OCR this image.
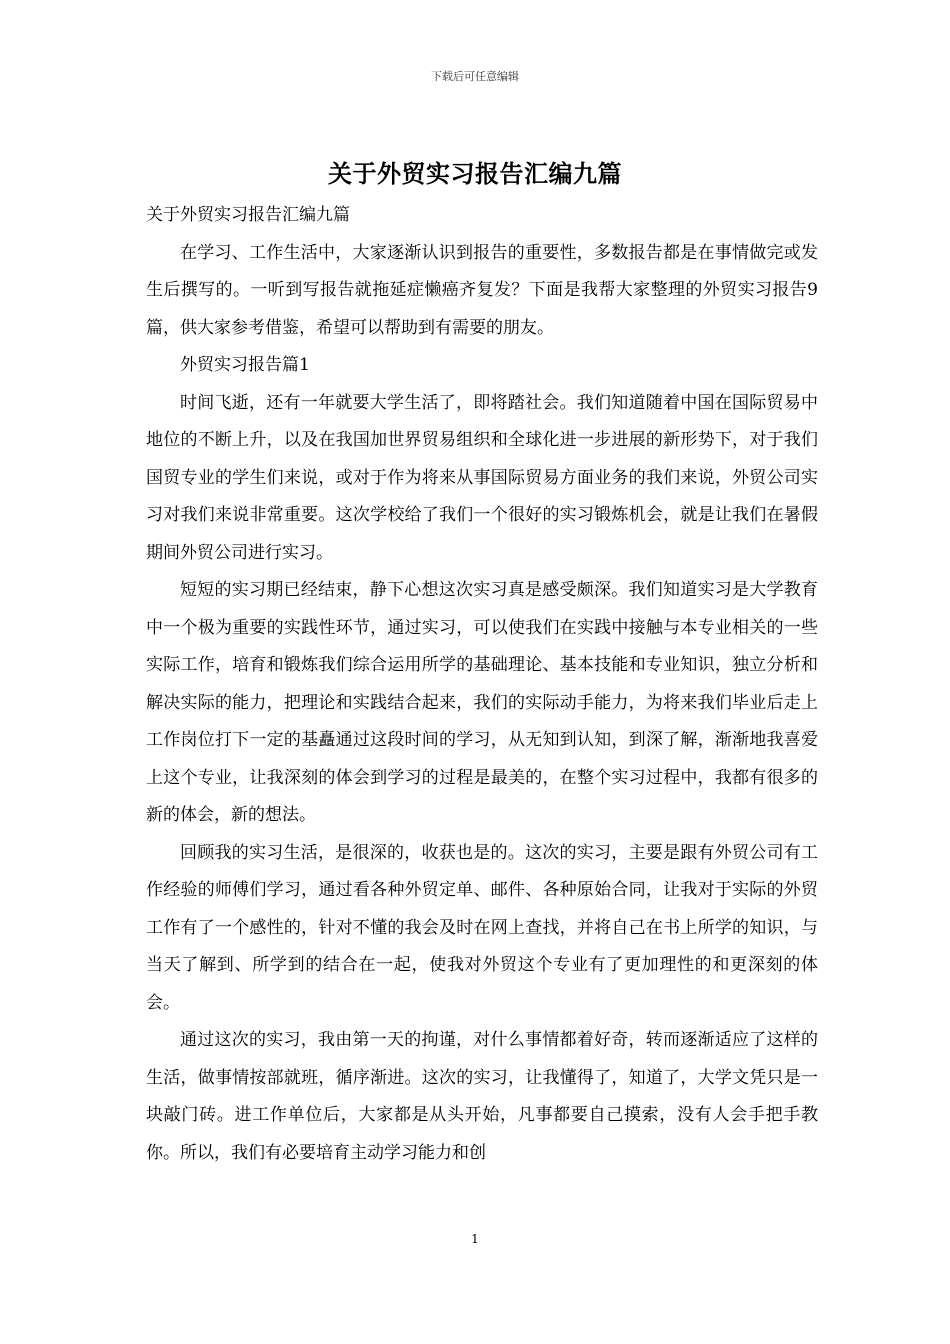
下载后可任意编辑
关于外贸实习报告汇编九篇

关于外贸实习报告汇编九篇

在学习、工作生活中，大家逐渐认识到报告的重要性，多数报告都是在事情做完或发生后撰写的。一听到写报告就拖延症懒癌齐复发？下面是我帮大家整理的外贸实习报告9篇，供大家参考借鉴，希望可以帮助到有需要的朋友。

外贸实习报告篇1

时间飞逝，还有一年就要大学生活了，即将踏社会。我们知道随着中国在国际贸易中地位的不断上升，以及在我国加世界贸易组织和全球化进一步进展的新形势下，对于我们国贸专业的学生们来说，或对于作为将来从事国际贸易方面业务的我们来说，外贸公司实习对我们来说非常重要。这次学校给了我们一个很好的实习锻炼机会，就是让我们在暑假期间外贸公司进行实习。

短短的实习期已经结束，静下心想这次实习真是感受颇深。我们知道实习是大学教育中一个极为重要的实践性环节，通过实习，可以使我们在实践中接触与本专业相关的一些实际工作，培育和锻炼我们综合运用所学的基础理论、基本技能和专业知识，独立分析和解决实际的能力，把理论和实践结合起来，我们的实际动手能力，为将来我们毕业后走上工作岗位打下一定的基矗通过这段时间的学习，从无知到认知，到深了解，渐渐地我喜爱上这个专业，让我深刻的体会到学习的过程是最美的，在整个实习过程中，我都有很多的新的体会，新的想法。

回顾我的实习生活，是很深的，收获也是的。这次的实习，主要是跟有外贸公司有工作经验的师傅们学习，通过看各种外贸定单、邮件、各种原始合同，让我对于实际的外贸工作有了一个感性的，针对不懂的我会及时在网上查找，并将自己在书上所学的知识，与当天了解到、所学到的结合在一起，使我对外贸这个专业有了更加理性的和更深刻的体会。

通过这次的实习，我由第一天的拘谨，对什么事情都着好奇，转而逐渐适应了这样的生活，做事情按部就班，循序渐进。这次的实习，让我懂得了，知道了，大学文凭只是一块敲门砖。进工作单位后，大家都是从头开始，凡事都要自己摸索，没有人会手把手教你。所以，我们有必要培育主动学习能力和创

1
